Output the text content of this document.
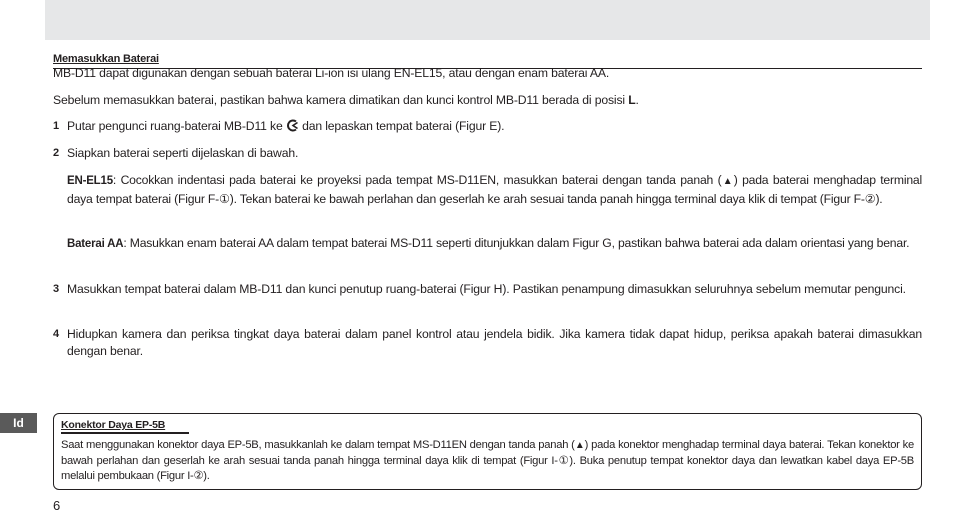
Memasukkan Baterai
MB-D11 dapat digunakan dengan sebuah baterai Li-ion isi ulang EN-EL15, atau dengan enam baterai AA.
Sebelum memasukkan baterai, pastikan bahwa kamera dimatikan dan kunci kontrol MB-D11 berada di posisi L.
1 Putar pengunci ruang-baterai MB-D11 ke dan lepaskan tempat baterai (Figur E).
2 Siapkan baterai seperti dijelaskan di bawah.
EN-EL15: Cocokkan indentasi pada baterai ke proyeksi pada tempat MS-D11EN, masukkan baterai dengan tanda panah (▲) pada baterai menghadap terminal daya tempat baterai (Figur F-①). Tekan baterai ke bawah perlahan dan geserlah ke arah sesuai tanda panah hingga terminal daya klik di tempat (Figur F-②).
Baterai AA: Masukkan enam baterai AA dalam tempat baterai MS-D11 seperti ditunjukkan dalam Figur G, pastikan bahwa baterai ada dalam orientasi yang benar.
3 Masukkan tempat baterai dalam MB-D11 dan kunci penutup ruang-baterai (Figur H). Pastikan penampung dimasukkan seluruhnya sebelum memutar pengunci.
4 Hidupkan kamera dan periksa tingkat daya baterai dalam panel kontrol atau jendela bidik. Jika kamera tidak dapat hidup, periksa apakah baterai dimasukkan dengan benar.
Id	Konektor Daya EP-5B
Saat menggunakan konektor daya EP-5B, masukkanlah ke dalam tempat MS-D11EN dengan tanda panah (▲) pada konektor menghadap terminal daya baterai. Tekan konektor ke bawah perlahan dan geserlah ke arah sesuai tanda panah hingga terminal daya klik di tempat (Figur I-①). Buka penutup tempat konektor daya dan lewatkan kabel daya EP-5B melalui pembukaan (Figur I-②).
6
